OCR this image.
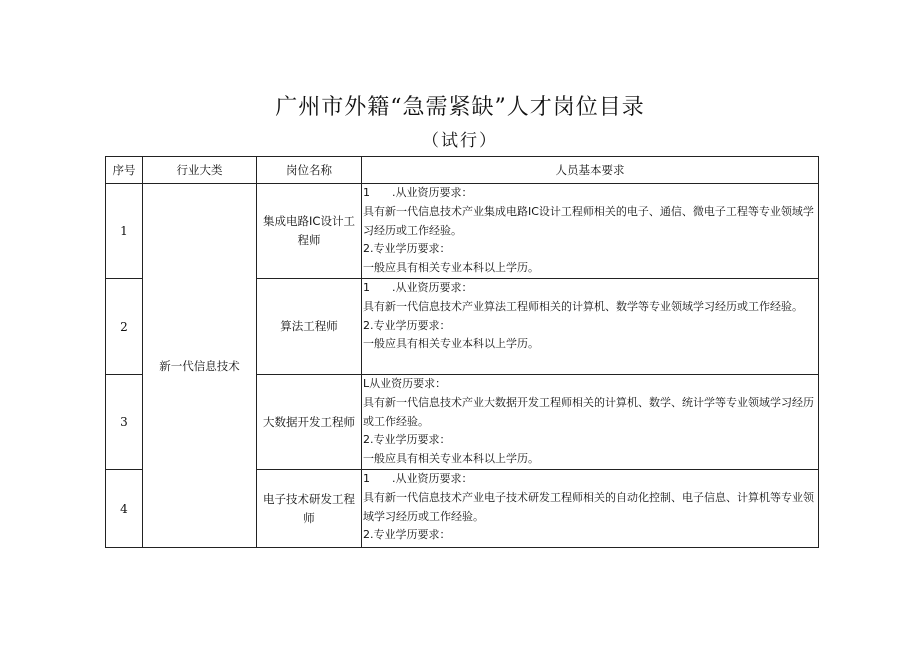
广州市外籍“急需紧缺”人才岗位目录
（试行）
序号	行业大类	岗位名称	人员基本要求
1	新一代信息技术	集成电路IC设计工程师	1　　.从业资历要求：
具有新一代信息技术产业集成电路IC设计工程师相关的电子、通信、微电子工程等专业领域学习经历或工作经验。
2.专业学历要求：
一般应具有相关专业本科以上学历。

2		算法工程师	1　　.从业资历要求：
具有新一代信息技术产业算法工程师相关的计算机、数学等专业领域学习经历或工作经验。
2.专业学历要求：
一般应具有相关专业本科以上学历。

3		大数据开发工程师	L从业资历要求：
具有新一代信息技术产业大数据开发工程师相关的计算机、数学、统计学等专业领域学习经历或工作经验。
2.专业学历要求：
一般应具有相关专业本科以上学历。

4		电子技术研发工程师	1　　.从业资历要求：
具有新一代信息技术产业电子技术研发工程师相关的自动化控制、电子信息、计算机等专业领域学习经历或工作经验。
2.专业学历要求：
